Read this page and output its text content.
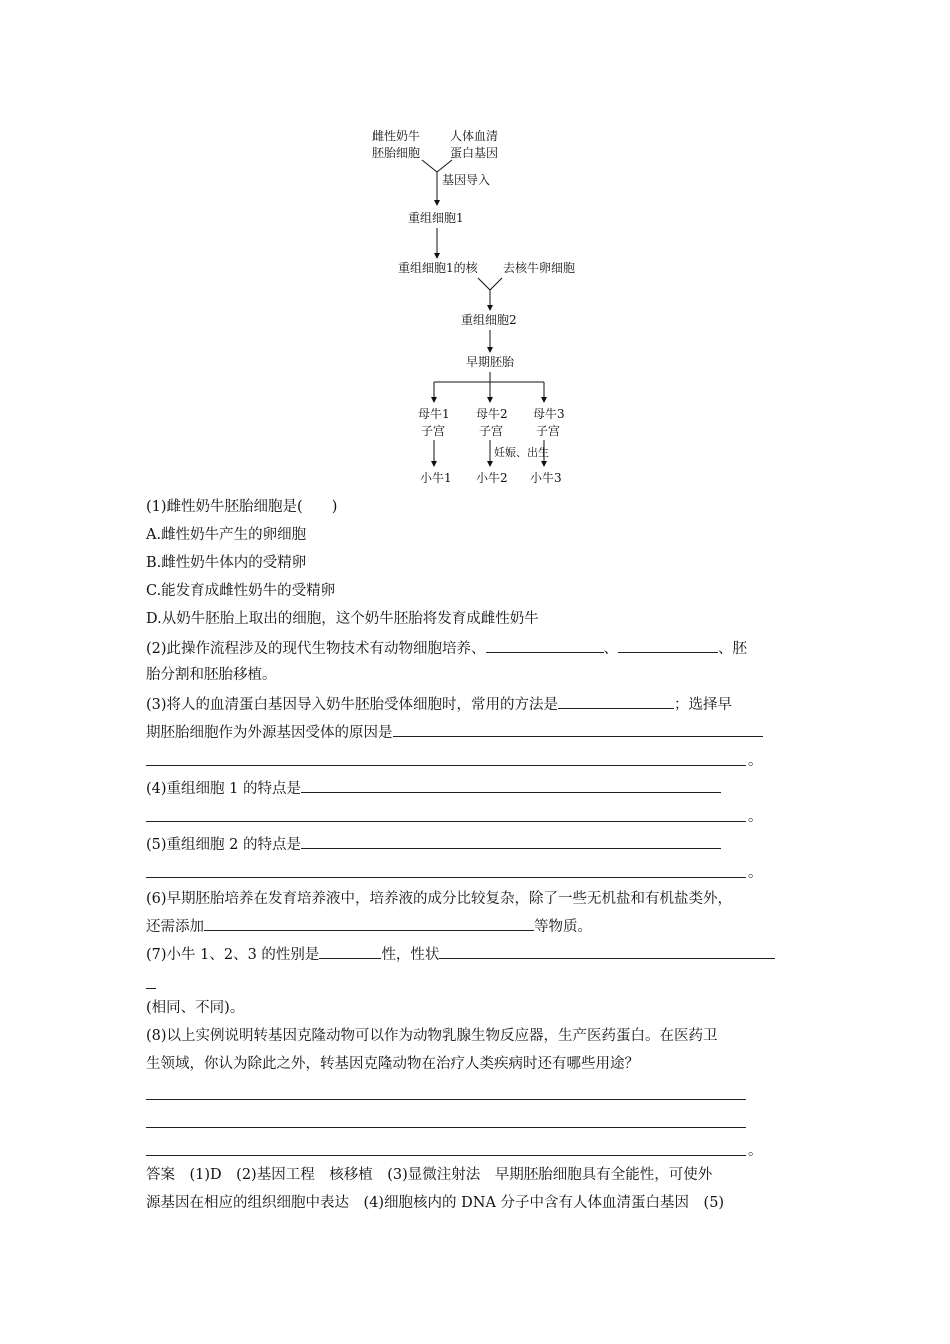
雌性奶牛
胚胎细胞
人体血清
蛋白基因
基因导入
重组细胞1
重组细胞1的核 去核牛卵细胞
重组细胞2
早期胚胎
母牛1
子宫
母牛2
子宫
母牛3
子宫
妊娠、出生
小牛1 小牛2 小牛3
(1)雌性奶牛胚胎细胞是(　　)
A.雌性奶牛产生的卵细胞
B.雌性奶牛体内的受精卵
C.能发育成雌性奶牛的受精卵
D.从奶牛胚胎上取出的细胞，这个奶牛胚胎将发育成雌性奶牛
(2)此操作流程涉及的现代生物技术有动物细胞培养、	、	、胚
胎分割和胚胎移植。
(3)将人的血清蛋白基因导入奶牛胚胎受体细胞时，常用的方法是	；选择早
期胚胎细胞作为外源基因受体的原因是
。
(4)重组细胞 1 的特点是
。
(5)重组细胞 2 的特点是
。
(6)早期胚胎培养在发育培养液中，培养液的成分比较复杂，除了一些无机盐和有机盐类外，
还需添加	等物质。
(7)小牛 1、2、3 的性别是	性，性状
(相同、不同)。
(8)以上实例说明转基因克隆动物可以作为动物乳腺生物反应器，生产医药蛋白。在医药卫
生领域，你认为除此之外，转基因克隆动物在治疗人类疾病时还有哪些用途？
。
答案　(1)D　(2)基因工程　核移植　(3)显微注射法　早期胚胎细胞具有全能性，可使外
源基因在相应的组织细胞中表达　(4)细胞核内的 DNA 分子中含有人体血清蛋白基因　(5)
